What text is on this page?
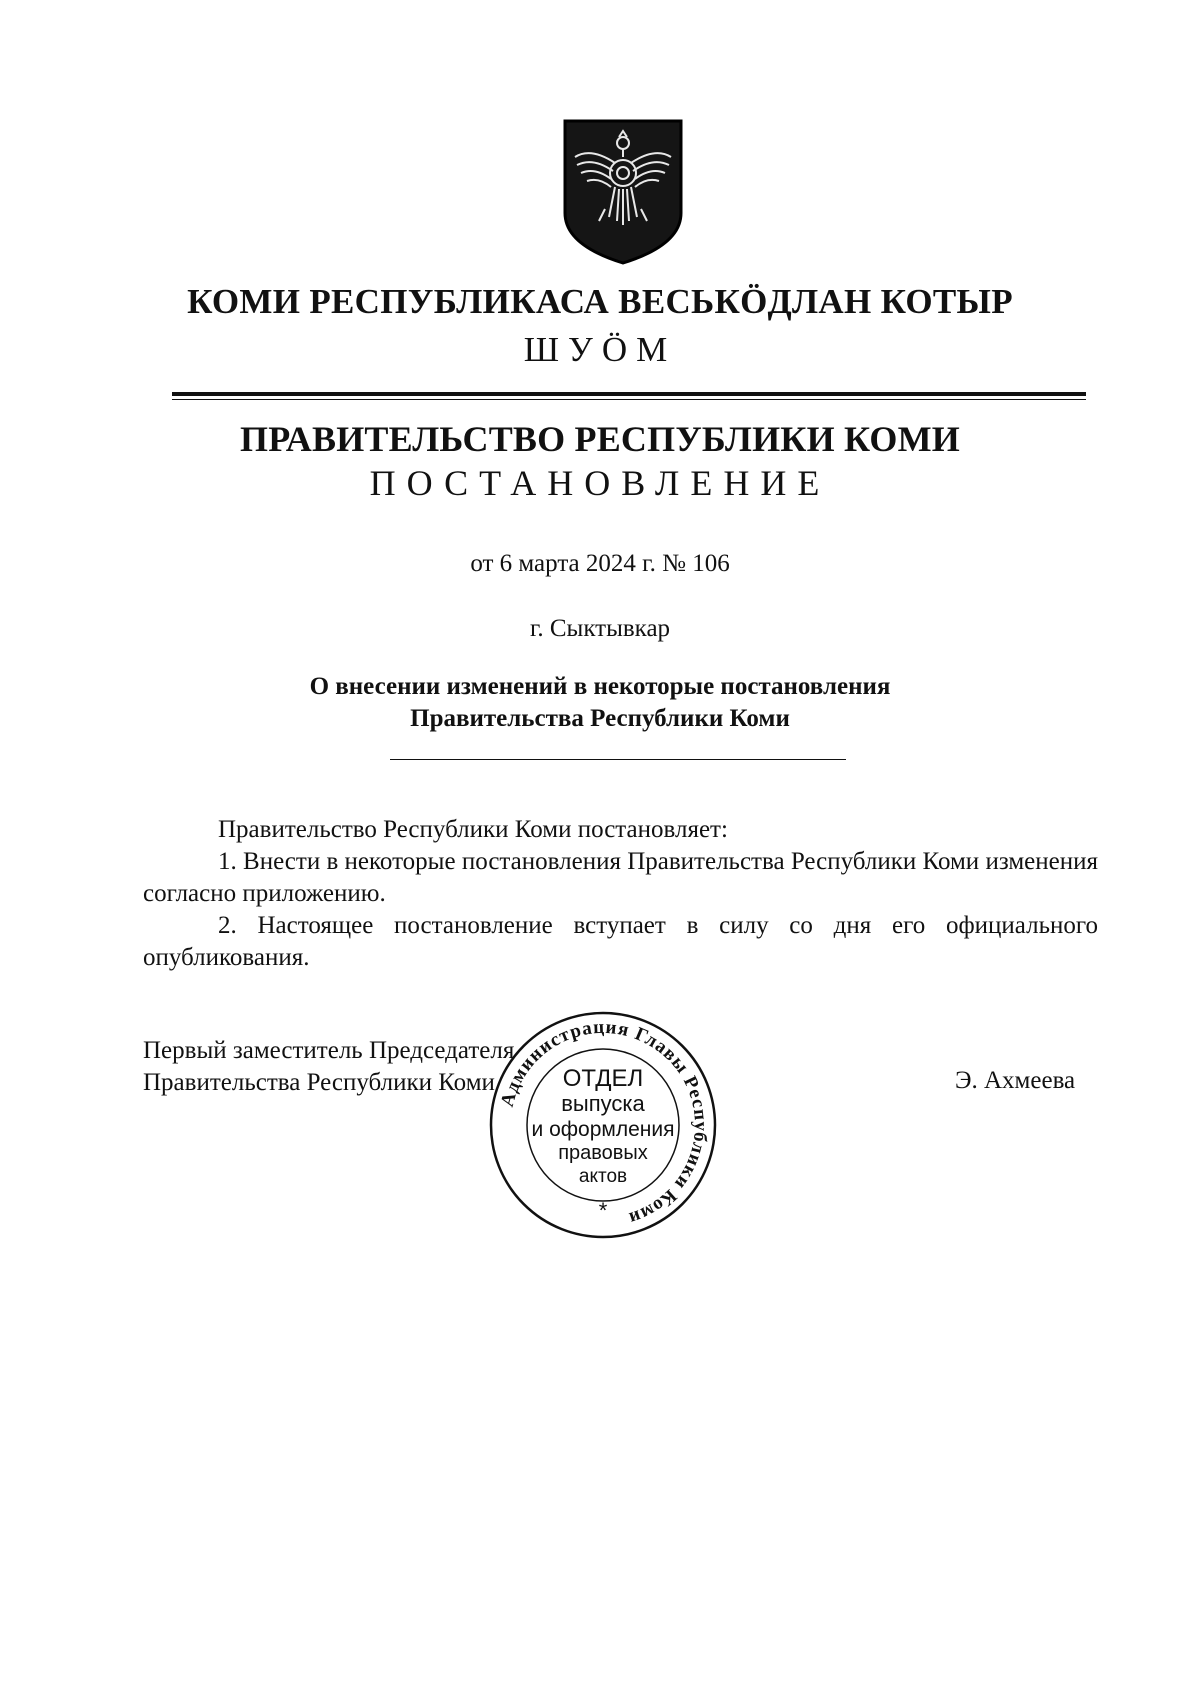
КОМИ РЕСПУБЛИКАСА ВЕСЬКÖДЛАН КОТЫР
ШУÖМ
ПРАВИТЕЛЬСТВО РЕСПУБЛИКИ КОМИ
ПОСТАНОВЛЕНИЕ
от 6 марта 2024 г. № 106
г. Сыктывкар
О внесении изменений в некоторые постановления
Правительства Республики Коми
Правительство Республики Коми постановляет:
1. Внести в некоторые постановления Правительства Республики Коми изменения согласно приложению.
2. Настоящее постановление вступает в силу со дня его официального опубликования.
Первый заместитель Председателя
Правительства Республики Коми	Э. Ахмеева
Администрация Главы Республики Коми
ОТДЕЛ
выпуска
и оформления
правовых
актов
*
